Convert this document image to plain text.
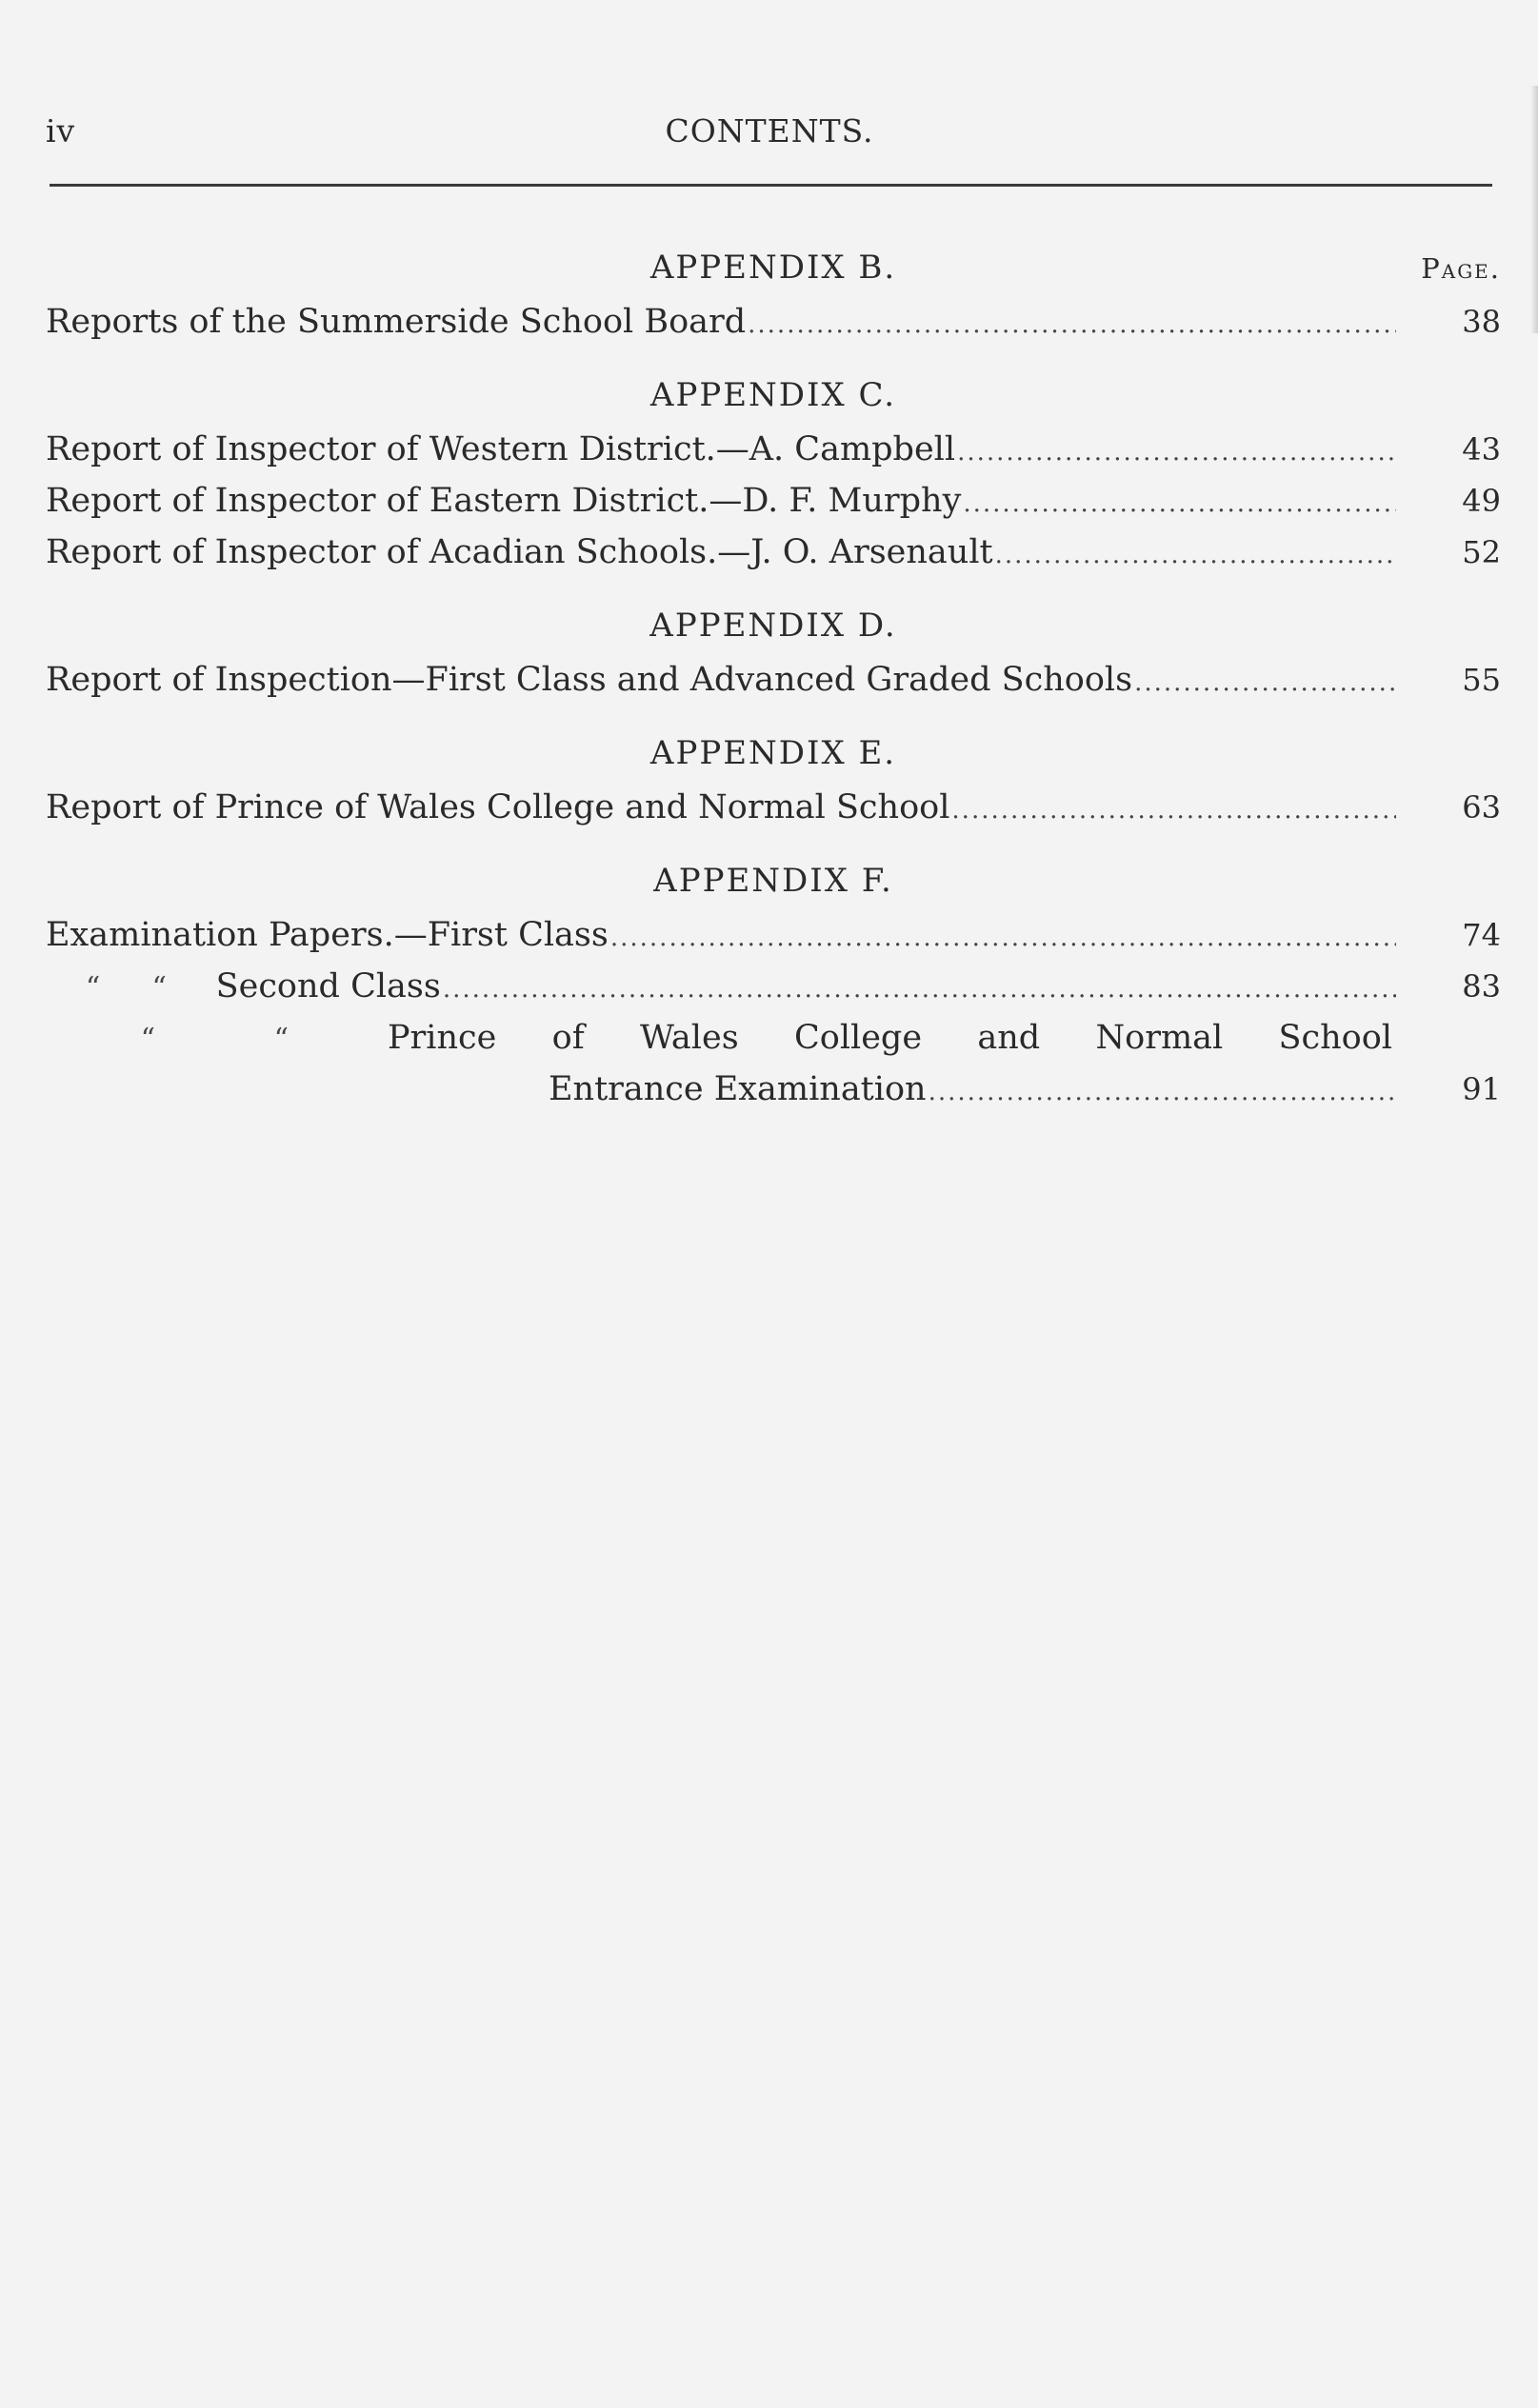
iv	CONTENTS.
APPENDIX B.	Page.
Reports of the Summerside School Board .....	38
APPENDIX C.
Report of Inspector of Western District.—A. Campbell .....	43
Report of Inspector of Eastern District.—D. F. Murphy .....	49
Report of Inspector of Acadian Schools.—J. O. Arsenault .....	52
APPENDIX D.
Report of Inspection—First Class and Advanced Graded Schools .....	55
APPENDIX E.
Report of Prince of Wales College and Normal School .....	63
APPENDIX F.
Examination Papers.—First Class .....	74
“	“ Second Class .....	83
“	“	Prince of Wales College and Normal School
Entrance Examination .....	91
